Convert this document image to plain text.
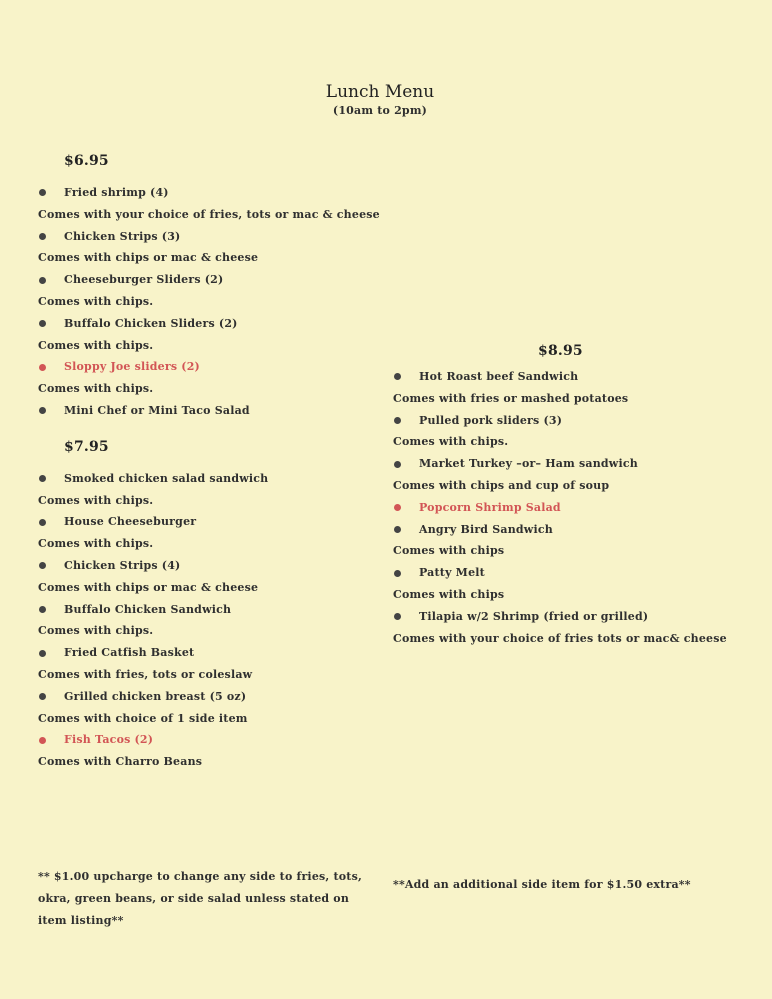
Lunch Menu
(10am to 2pm)
$6.95
Fried shrimp (4)
Comes with your choice of fries, tots or mac & cheese
Chicken Strips (3)
Comes with chips or mac & cheese
Cheeseburger Sliders (2)
Comes with chips.
Buffalo Chicken Sliders (2)
Comes with chips.
Sloppy Joe sliders (2)
Comes with chips.
Mini Chef or Mini Taco Salad
$7.95
Smoked chicken salad sandwich
Comes with chips.
House Cheeseburger
Comes with chips.
Chicken Strips (4)
Comes with chips or mac & cheese
Buffalo Chicken Sandwich
Comes with chips.
Fried Catfish Basket
Comes with fries, tots or coleslaw
Grilled chicken breast (5 oz)
Comes with choice of 1 side item
Fish Tacos (2)
Comes with Charro Beans
$8.95
Hot Roast beef Sandwich
Comes with fries or mashed potatoes
Pulled pork sliders (3)
Comes with chips.
Market Turkey –or– Ham sandwich
Comes with chips and cup of soup
Popcorn Shrimp Salad
Angry Bird Sandwich
Comes with chips
Patty Melt
Comes with chips
Tilapia w/2 Shrimp (fried or grilled)
Comes with your choice of fries tots or mac& cheese
** $1.00 upcharge to change any side to fries, tots, okra, green beans, or side salad unless stated on item listing**
**Add an additional side item for $1.50 extra**
